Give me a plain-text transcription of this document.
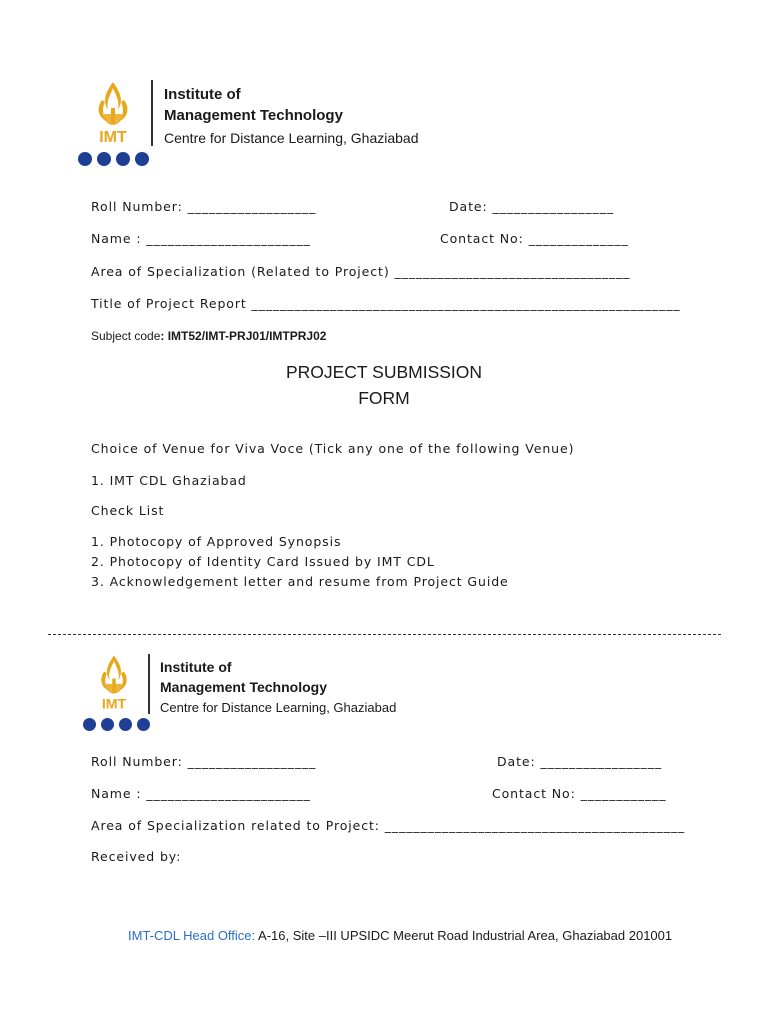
IMT
Institute of
Management Technology
Centre for Distance Learning, Ghaziabad
Roll Number: __________________	Date: _________________
Name : _______________________	Contact No: ______________
Area of Specialization (Related to Project) _________________________________
Title of Project Report ____________________________________________________________
Subject code: IMT52/IMT-PRJ01/IMTPRJ02
PROJECT SUBMISSION
FORM
Choice of Venue for Viva Voce (Tick any one of the following Venue)
1. IMT CDL Ghaziabad
Check List
1. Photocopy of Approved Synopsis
2. Photocopy of Identity Card Issued by IMT CDL
3. Acknowledgement letter and resume from Project Guide
IMT
Institute of
Management Technology
Centre for Distance Learning, Ghaziabad
Roll Number: __________________	Date: _________________
Name : _______________________	Contact No: ____________
Area of Specialization related to Project: __________________________________________
Received by:
IMT-CDL Head Office: A-16, Site –III UPSIDC Meerut Road Industrial Area, Ghaziabad 201001
